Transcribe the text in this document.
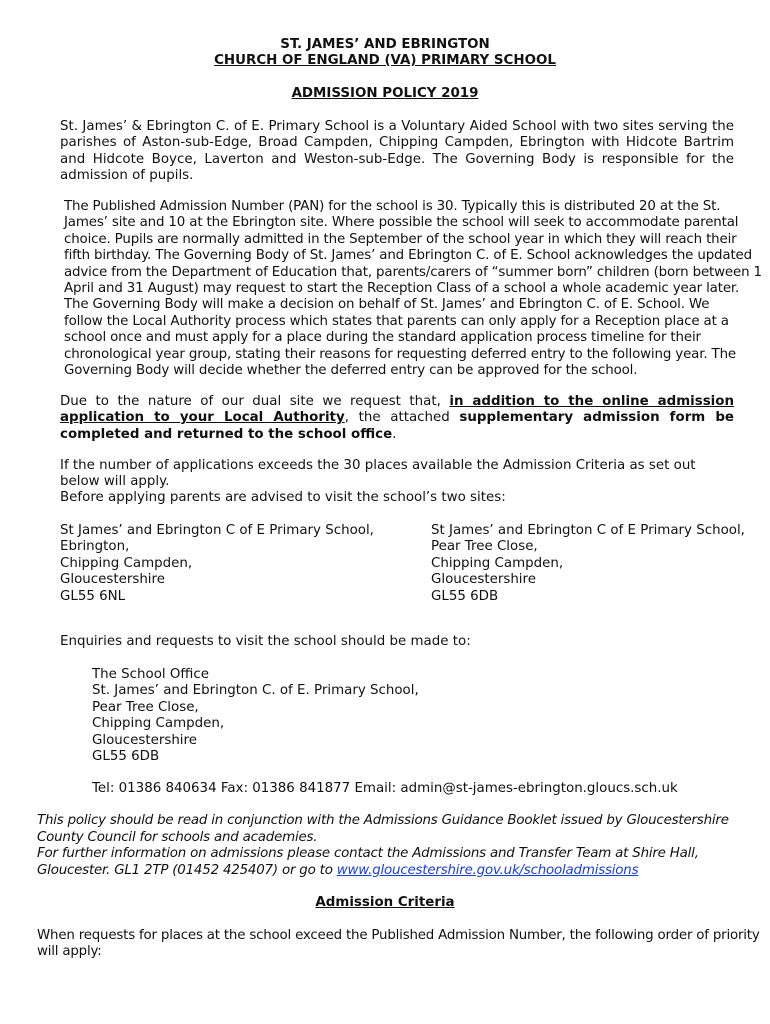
ST. JAMES’ AND EBRINGTON
CHURCH OF ENGLAND (VA) PRIMARY SCHOOL
ADMISSION POLICY 2019

St. James’ & Ebrington C. of E. Primary School is a Voluntary Aided School with two sites serving the parishes of Aston-sub-Edge, Broad Campden, Chipping Campden, Ebrington with Hidcote Bartrim and Hidcote Boyce, Laverton and Weston-sub-Edge. The Governing Body is responsible for the admission of pupils.

The Published Admission Number (PAN) for the school is 30. Typically this is distributed 20 at the St.
James’ site and 10 at the Ebrington site. Where possible the school will seek to accommodate parental
choice. Pupils are normally admitted in the September of the school year in which they will reach their
fifth birthday. The Governing Body of St. James’ and Ebrington C. of E. School acknowledges the updated
advice from the Department of Education that, parents/carers of “summer born” children (born between 1
April and 31 August) may request to start the Reception Class of a school a whole academic year later.
The Governing Body will make a decision on behalf of St. James’ and Ebrington C. of E. School. We
follow the Local Authority process which states that parents can only apply for a Reception place at a
school once and must apply for a place during the standard application process timeline for their
chronological year group, stating their reasons for requesting deferred entry to the following year. The
Governing Body will decide whether the deferred entry can be approved for the school.

Due to the nature of our dual site we request that, in addition to the online admission application to your Local Authority, the attached supplementary admission form be completed and returned to the school office.

If the number of applications exceeds the 30 places available the Admission Criteria as set out below will apply.

Before applying parents are advised to visit the school’s two sites:

St James’ and Ebrington C of E Primary School,
Ebrington,
Chipping Campden,
Gloucestershire
GL55 6NL
St James’ and Ebrington C of E Primary School,
Pear Tree Close,
Chipping Campden,
Gloucestershire
GL55 6DB

Enquiries and requests to visit the school should be made to:

The School Office
St. James’ and Ebrington C. of E. Primary School,
Pear Tree Close,
Chipping Campden,
Gloucestershire
GL55 6DB

Tel: 01386 840634 Fax: 01386 841877 Email: admin@st-james-ebrington.gloucs.sch.uk

This policy should be read in conjunction with the Admissions Guidance Booklet issued by Gloucestershire
County Council for schools and academies.
For further information on admissions please contact the Admissions and Transfer Team at Shire Hall,
Gloucester. GL1 2TP (01452 425407) or go to www.gloucestershire.gov.uk/schooladmissions
Admission Criteria
When requests for places at the school exceed the Published Admission Number, the following order of priority
will apply:
